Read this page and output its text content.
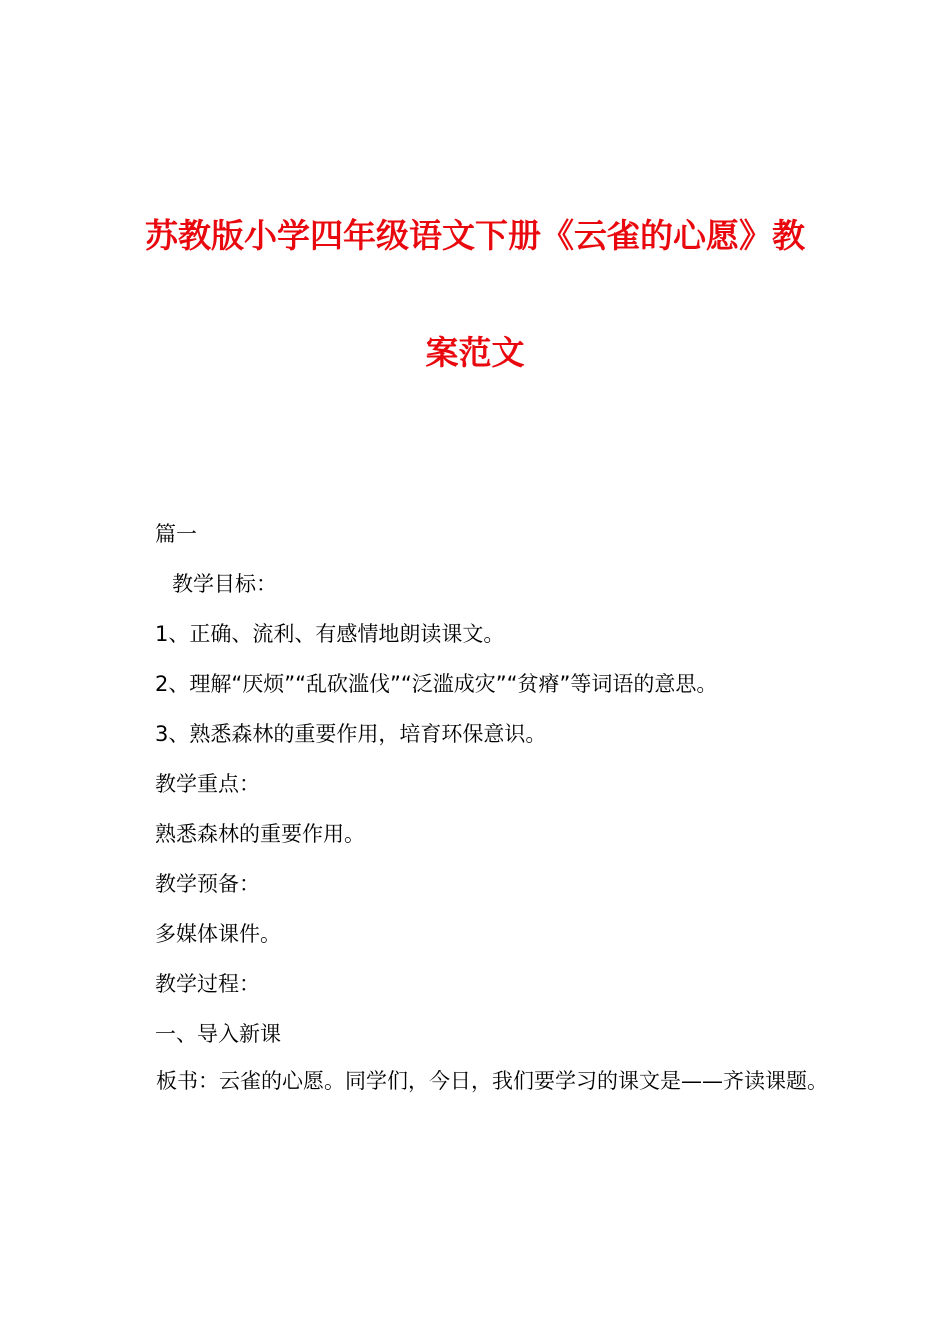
苏教版小学四年级语文下册《云雀的心愿》教
案范文
篇一
教学目标：
1、正确、流利、有感情地朗读课文。
2、理解“厌烦”“乱砍滥伐”“泛滥成灾”“贫瘠”等词语的意思。
3、熟悉森林的重要作用，培育环保意识。
教学重点：
熟悉森林的重要作用。
教学预备：
多媒体课件。
教学过程：
一、导入新课
板书：云雀的心愿。同学们，今日，我们要学习的课文是——齐读课题。
